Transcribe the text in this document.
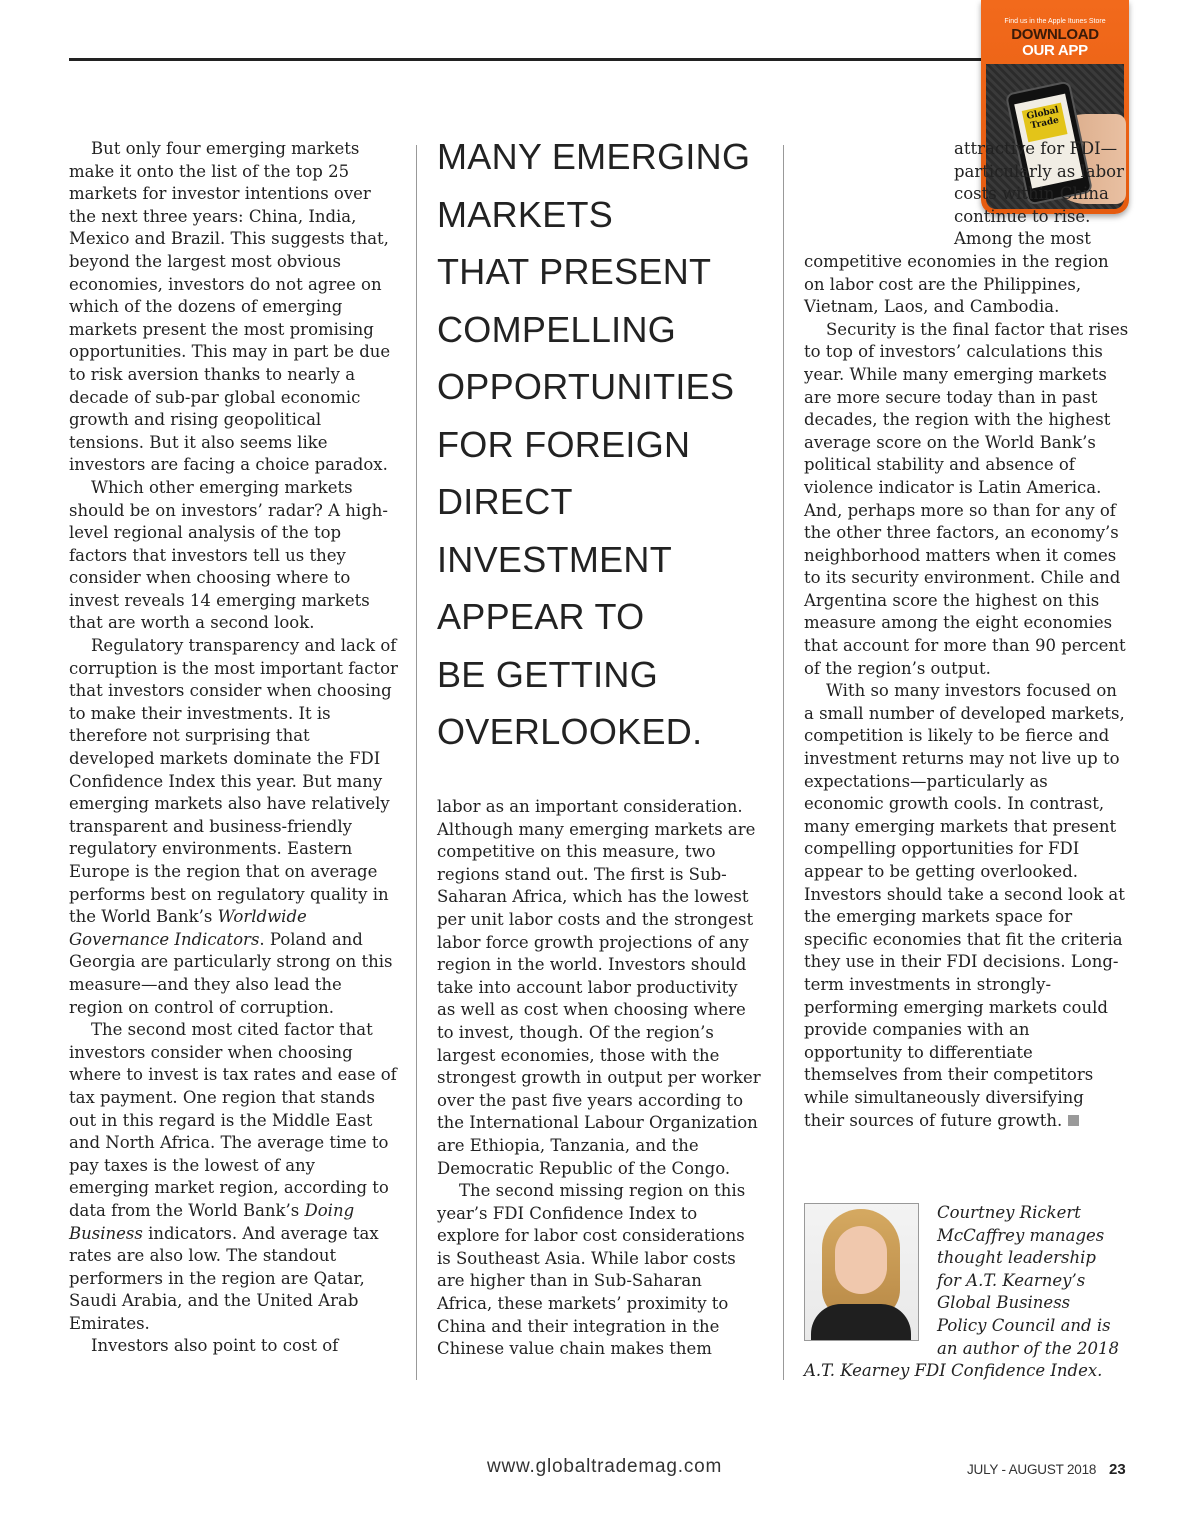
Find us in the Apple Itunes Store
DOWNLOAD
OUR APP
Global Trade

But only four emerging markets make it onto the list of the top 25 markets for investor intentions over the next three years: China, India, Mexico and Brazil. This suggests that, beyond the largest most obvious economies, investors do not agree on which of the dozens of emerging markets present the most promising opportunities. This may in part be due to risk aversion thanks to nearly a decade of sub-par global economic growth and rising geopolitical tensions. But it also seems like investors are facing a choice paradox.

Which other emerging markets should be on investors’ radar? A high-level regional analysis of the top factors that investors tell us they consider when choosing where to invest reveals 14 emerging markets that are worth a second look.

Regulatory transparency and lack of corruption is the most important factor that investors consider when choosing to make their investments. It is therefore not surprising that developed markets dominate the FDI Confidence Index this year. But many emerging markets also have relatively transparent and business-friendly regulatory environments. Eastern Europe is the region that on average performs best on regulatory quality in the World Bank’s Worldwide Governance Indicators. Poland and Georgia are particularly strong on this measure—and they also lead the region on control of corruption.

The second most cited factor that investors consider when choosing where to invest is tax rates and ease of tax payment. One region that stands out in this regard is the Middle East and North Africa. The average time to pay taxes is the lowest of any emerging market region, according to data from the World Bank’s Doing Business indicators. And average tax rates are also low. The standout performers in the region are Qatar, Saudi Arabia, and the United Arab Emirates.

Investors also point to cost of

MANY EMERGING
MARKETS
THAT PRESENT
COMPELLING
OPPORTUNITIES
FOR FOREIGN
DIRECT
INVESTMENT
APPEAR TO
BE GETTING
OVERLOOKED.

labor as an important consideration. Although many emerging markets are competitive on this measure, two regions stand out. The first is Sub-Saharan Africa, which has the lowest per unit labor costs and the strongest labor force growth projections of any region in the world. Investors should take into account labor productivity as well as cost when choosing where to invest, though. Of the region’s largest economies, those with the strongest growth in output per worker over the past five years according to the International Labour Organization are Ethiopia, Tanzania, and the Democratic Republic of the Congo.

The second missing region on this year’s FDI Confidence Index to explore for labor cost considerations is Southeast Asia. While labor costs are higher than in Sub-Saharan Africa, these markets’ proximity to China and their integration in the Chinese value chain makes them

attractive for FDI—particularly as labor costs within China continue to rise. Among the most competitive economies in the region on labor cost are the Philippines, Vietnam, Laos, and Cambodia.

Security is the final factor that rises to top of investors’ calculations this year. While many emerging markets are more secure today than in past decades, the region with the highest average score on the World Bank’s political stability and absence of violence indicator is Latin America. And, perhaps more so than for any of the other three factors, an economy’s neighborhood matters when it comes to its security environment. Chile and Argentina score the highest on this measure among the eight economies that account for more than 90 percent of the region’s output.

With so many investors focused on a small number of developed markets, competition is likely to be fierce and investment returns may not live up to expectations—particularly as economic growth cools. In contrast, many emerging markets that present compelling opportunities for FDI appear to be getting overlooked. Investors should take a second look at the emerging markets space for specific economies that fit the criteria they use in their FDI decisions. Long-term investments in strongly-performing emerging markets could provide companies with an opportunity to differentiate themselves from their competitors while simultaneously diversifying their sources of future growth.

Courtney Rickert
McCaffrey manages
thought leadership
for A.T. Kearney’s
Global Business
Policy Council and is
an author of the 2018
A.T. Kearney FDI Confidence Index.
www.globaltrademag.com	JULY - AUGUST 2018 23
